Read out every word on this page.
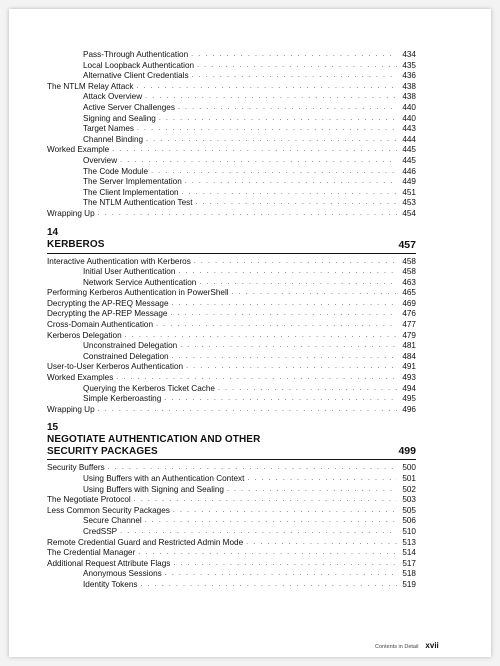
Pass-Through Authentication . . .	434
Local Loopback Authentication . . .	435
Alternative Client Credentials . . .	436
The NTLM Relay Attack . . .	438
Attack Overview . . .	438
Active Server Challenges . . .	440
Signing and Sealing . . .	440
Target Names . . .	443
Channel Binding . . .	444
Worked Example . . .	445
Overview . . .	445
The Code Module . . .	446
The Server Implementation . . .	449
The Client Implementation . . .	451
The NTLM Authentication Test . . .	453
Wrapping Up . . .	454
14
KERBEROS	457
Interactive Authentication with Kerberos . . .	458
Initial User Authentication . . .	458
Network Service Authentication . . .	463
Performing Kerberos Authentication in PowerShell . . .	465
Decrypting the AP-REQ Message . . .	469
Decrypting the AP-REP Message . . .	476
Cross-Domain Authentication . . .	477
Kerberos Delegation . . .	479
Unconstrained Delegation . . .	481
Constrained Delegation . . .	484
User-to-User Kerberos Authentication . . .	491
Worked Examples . . .	493
Querying the Kerberos Ticket Cache . . .	494
Simple Kerberoasting . . .	495
Wrapping Up . . .	496
15
NEGOTIATE AUTHENTICATION AND OTHER
SECURITY PACKAGES	499
Security Buffers . . .	500
Using Buffers with an Authentication Context . . .	501
Using Buffers with Signing and Sealing . . .	502
The Negotiate Protocol . . .	503
Less Common Security Packages . . .	505
Secure Channel . . .	506
CredSSP . . .	510
Remote Credential Guard and Restricted Admin Mode . . .	513
The Credential Manager . . .	514
Additional Request Attribute Flags . . .	517
Anonymous Sessions . . .	518
Identity Tokens . . .	519
Contents in Detail xvii
